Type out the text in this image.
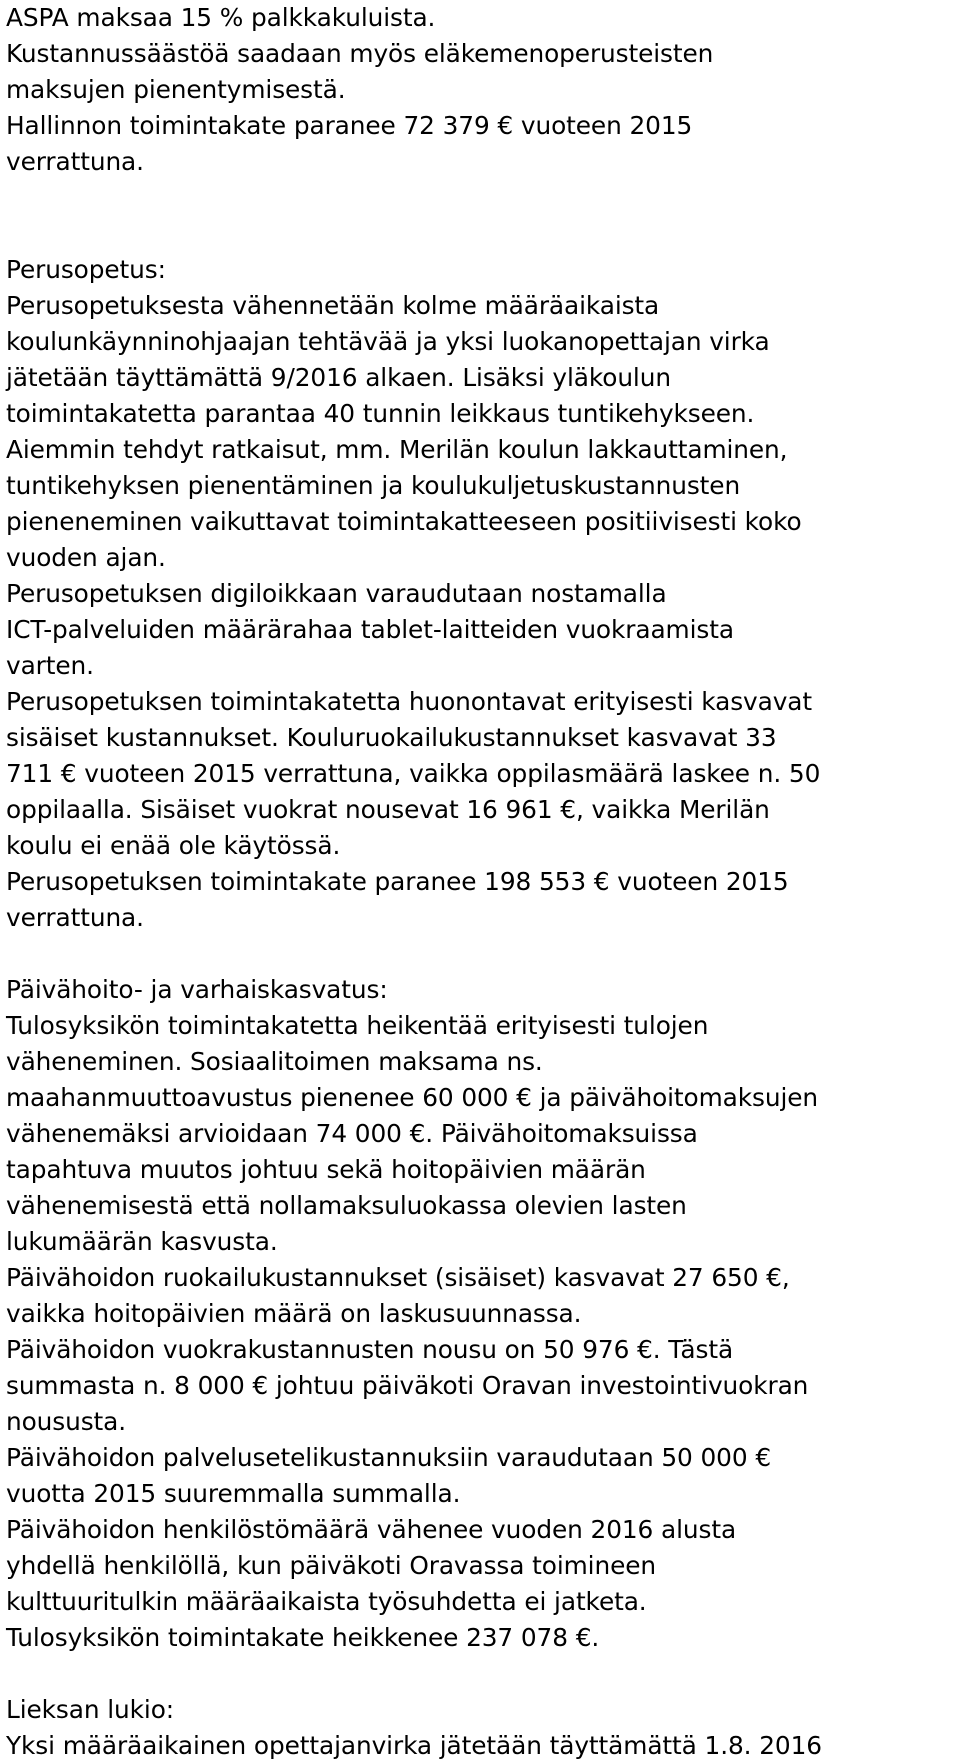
ASPA maksaa 15 % palkkakuluista.
Kustannussäästöä saadaan myös eläkemenoperusteisten
maksujen pienentymisestä.
Hallinnon toimintakate paranee 72 379 € vuoteen 2015
verrattuna.
Perusopetus:
Perusopetuksesta vähennetään kolme määräaikaista
koulunkäynninohjaajan tehtävää ja yksi luokanopettajan virka
jätetään täyttämättä 9/2016 alkaen. Lisäksi yläkoulun
toimintakatetta parantaa 40 tunnin leikkaus tuntikehykseen.
Aiemmin tehdyt ratkaisut, mm. Merilän koulun lakkauttaminen,
tuntikehyksen pienentäminen ja koulukuljetuskustannusten
pieneneminen vaikuttavat toimintakatteeseen positiivisesti koko
vuoden ajan.
Perusopetuksen digiloikkaan varaudutaan nostamalla
ICT-palveluiden määrärahaa tablet-laitteiden vuokraamista
varten.
Perusopetuksen toimintakatetta huonontavat erityisesti kasvavat
sisäiset kustannukset. Kouluruokailukustannukset kasvavat 33
711 € vuoteen 2015 verrattuna, vaikka oppilasmäärä laskee n. 50
oppilaalla. Sisäiset vuokrat nousevat 16 961 €, vaikka Merilän
koulu ei enää ole käytössä.
Perusopetuksen toimintakate paranee 198 553 € vuoteen 2015
verrattuna.
Päivähoito- ja varhaiskasvatus:
Tulosyksikön toimintakatetta heikentää erityisesti tulojen
väheneminen. Sosiaalitoimen maksama ns.
maahanmuuttoavustus pienenee 60 000 € ja päivähoitomaksujen
vähenemäksi arvioidaan 74 000 €. Päivähoitomaksuissa
tapahtuva muutos johtuu sekä hoitopäivien määrän
vähenemisestä että nollamaksuluokassa olevien lasten
lukumäärän kasvusta.
Päivähoidon ruokailukustannukset (sisäiset) kasvavat 27 650 €,
vaikka hoitopäivien määrä on laskusuunnassa.
Päivähoidon vuokrakustannusten nousu on 50 976 €. Tästä
summasta n. 8 000 € johtuu päiväkoti Oravan investointivuokran
noususta.
Päivähoidon palvelusetelikustannuksiin varaudutaan 50 000 €
vuotta 2015 suuremmalla summalla.
Päivähoidon henkilöstömäärä vähenee vuoden 2016 alusta
yhdellä henkilöllä, kun päiväkoti Oravassa toimineen
kulttuuritulkin määräaikaista työsuhdetta ei jatketa.
Tulosyksikön toimintakate heikkenee 237 078 €.
Lieksan lukio:
Yksi määräaikainen opettajanvirka jätetään täyttämättä 1.8. 2016
